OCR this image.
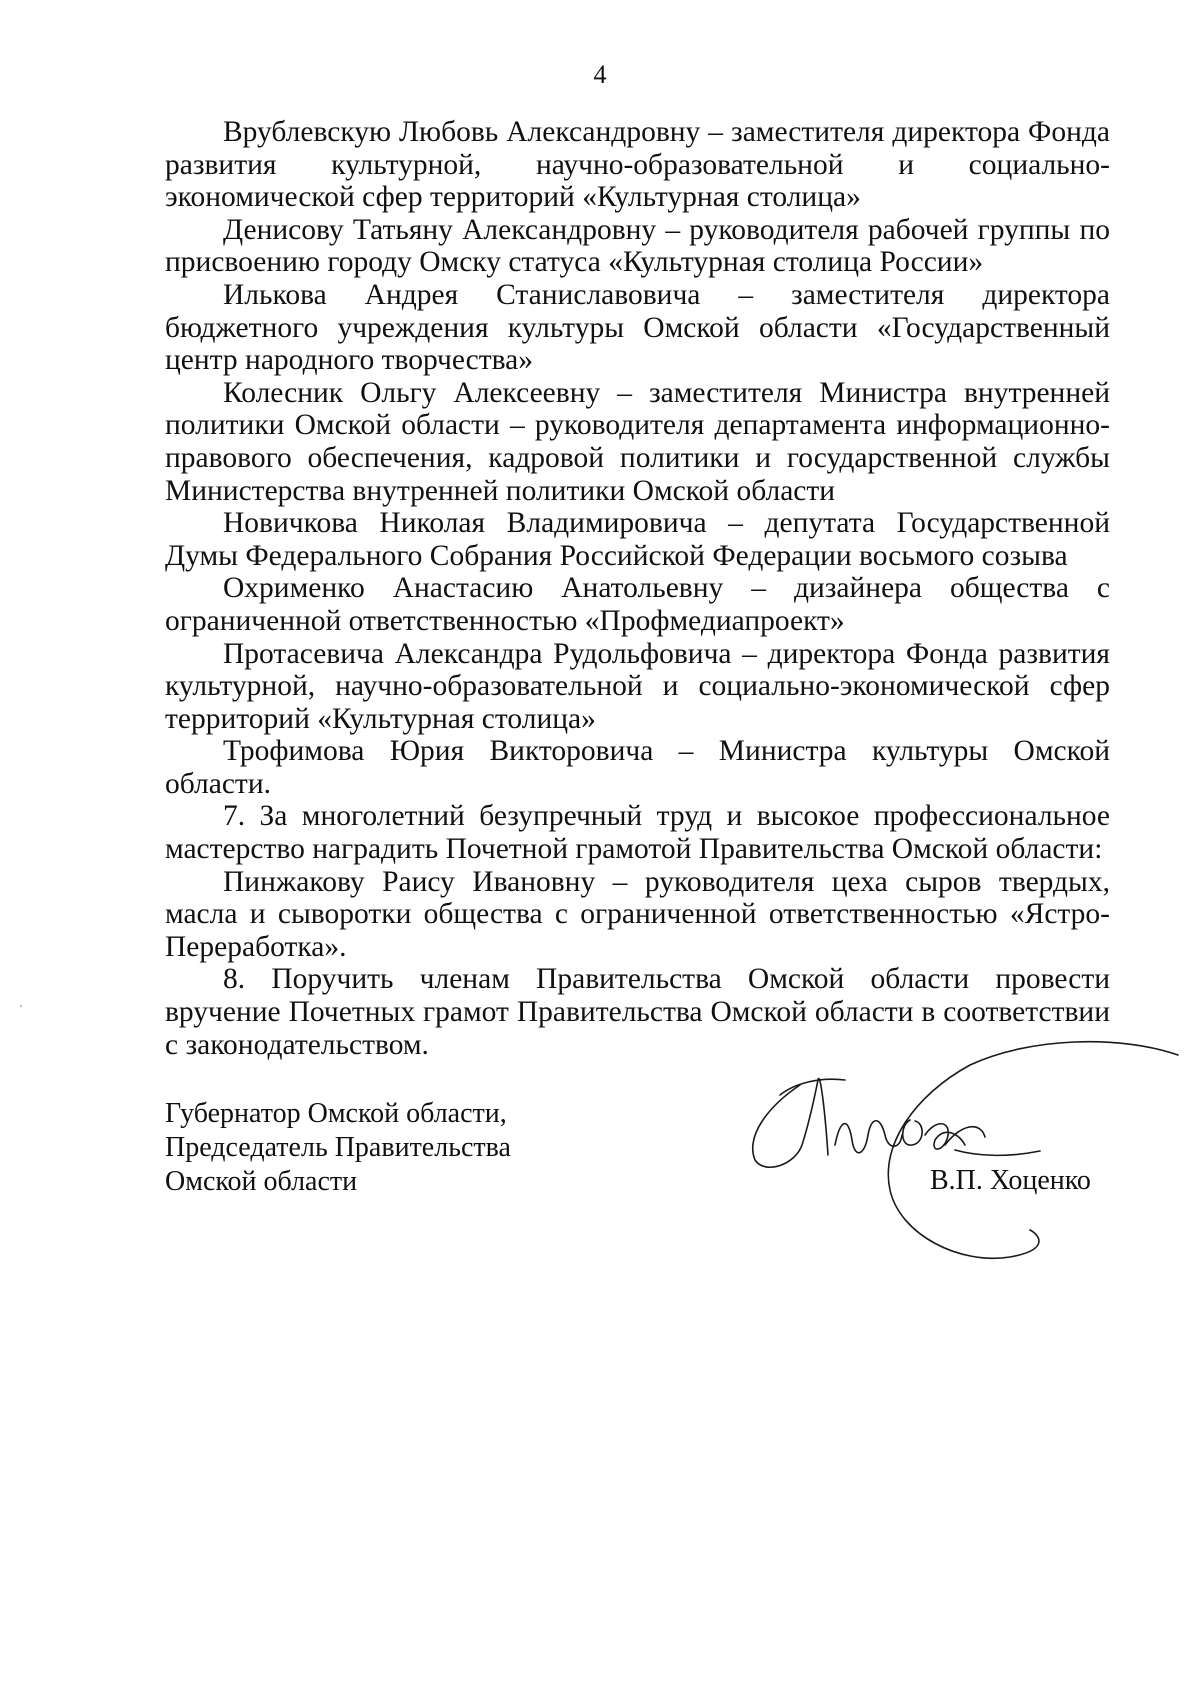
4

Врублевскую Любовь Александровну – заместителя директора Фонда развития культурной, научно-образовательной и социально-экономической сфер территорий «Культурная столица»

Денисову Татьяну Александровну – руководителя рабочей группы по присвоению городу Омску статуса «Культурная столица России»

Илькова Андрея Станиславовича – заместителя директора бюджетного учреждения культуры Омской области «Государственный центр народного творчества»

Колесник Ольгу Алексеевну – заместителя Министра внутренней политики Омской области – руководителя департамента информационно-правового обеспечения, кадровой политики и государственной службы Министерства внутренней политики Омской области

Новичкова Николая Владимировича – депутата Государственной Думы Федерального Собрания Российской Федерации восьмого созыва

Охрименко Анастасию Анатольевну – дизайнера общества с ограниченной ответственностью «Профмедиапроект»

Протасевича Александра Рудольфовича – директора Фонда развития культурной, научно-образовательной и социально-экономической сфер территорий «Культурная столица»

Трофимова Юрия Викторовича – Министра культуры Омской области.

7. За многолетний безупречный труд и высокое профессиональное мастерство наградить Почетной грамотой Правительства Омской области:

Пинжакову Раису Ивановну – руководителя цеха сыров твердых, масла и сыворотки общества с ограниченной ответственностью «Ястро-Переработка».

8. Поручить членам Правительства Омской области провести вручение Почетных грамот Правительства Омской области в соответствии с законодательством.

Губернатор Омской области,
Председатель Правительства
Омской области	В.П. Хоценко
